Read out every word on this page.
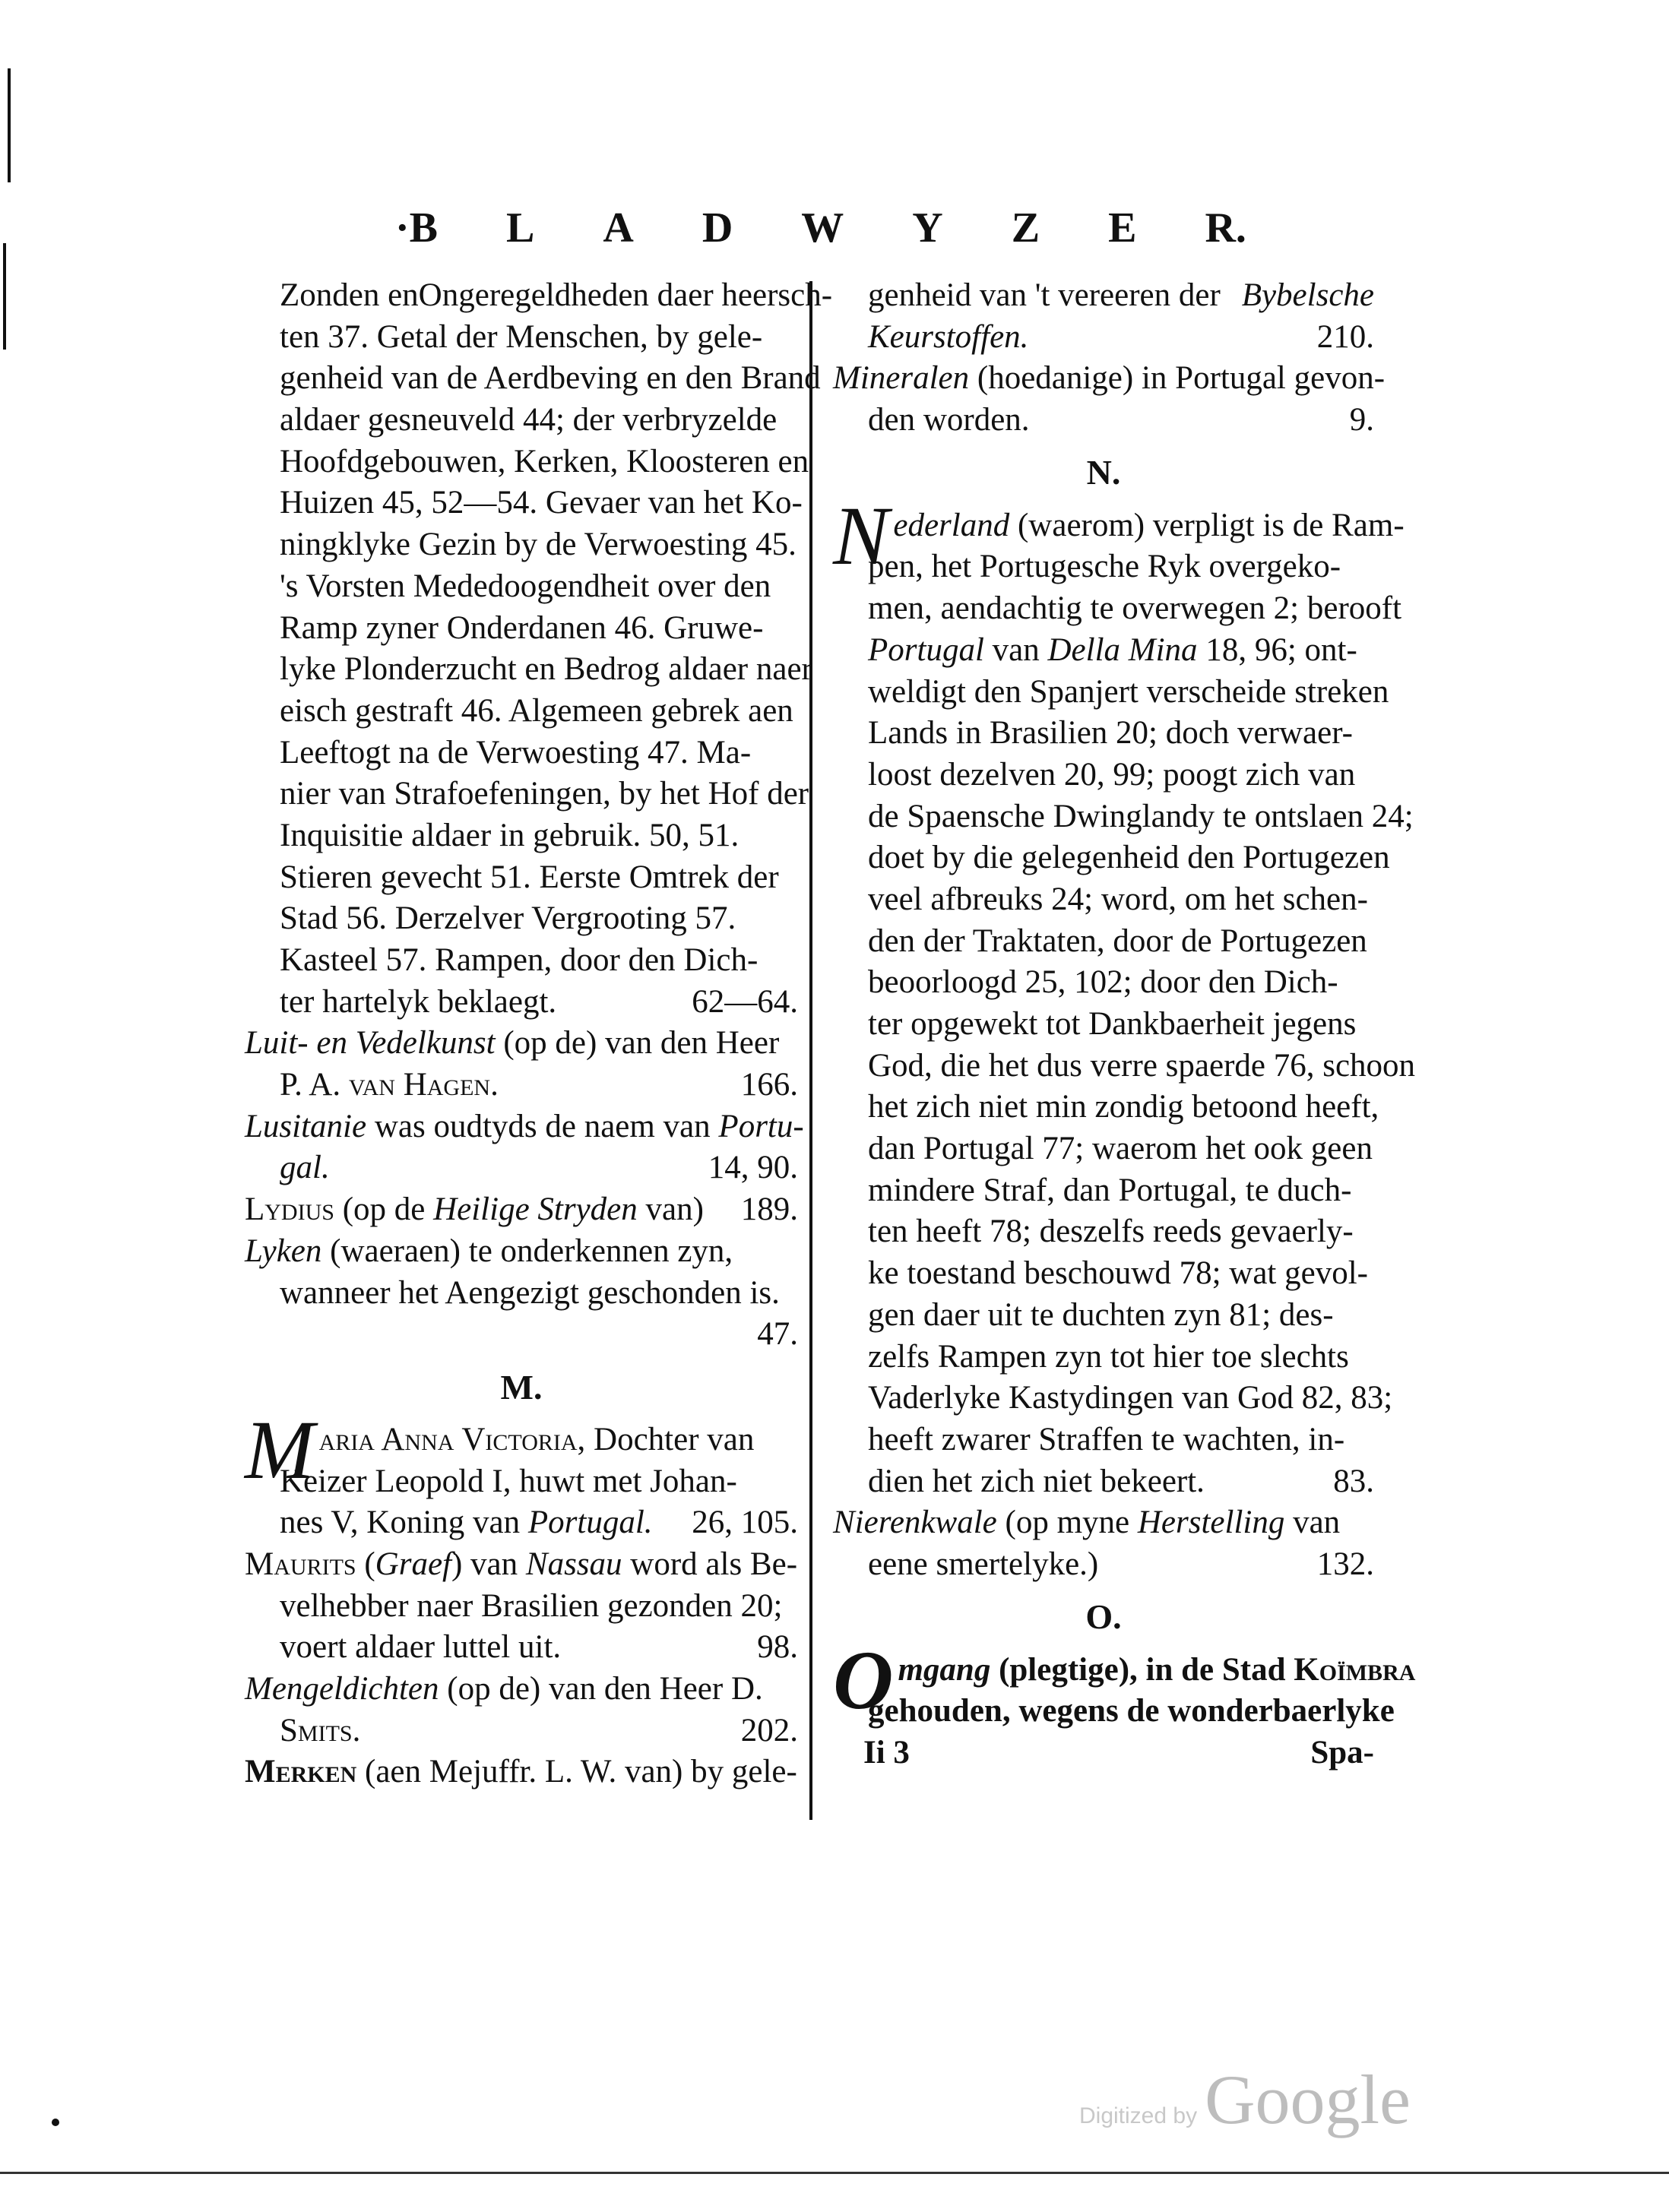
·B L A D W Y Z E R.
Zonden enOngeregeldheden daer heersch-
ten 37. Getal der Menschen, by gele-
genheid van de Aerdbeving en den Brand
aldaer gesneuveld 44; der verbryzelde
Hoofdgebouwen, Kerken, Kloosteren en
Huizen 45, 52—54. Gevaer van het Ko-
ningklyke Gezin by de Verwoesting 45.
's Vorsten Mededoogendheit over den
Ramp zyner Onderdanen 46. Gruwe-
lyke Plonderzucht en Bedrog aldaer naer
eisch gestraft 46. Algemeen gebrek aen
Leeftogt na de Verwoesting 47. Ma-
nier van Strafoefeningen, by het Hof der
Inquisitie aldaer in gebruik. 50, 51.
Stieren gevecht 51. Eerste Omtrek der
Stad 56. Derzelver Vergrooting 57.
Kasteel 57. Rampen, door den Dich-
ter hartelyk beklaegt.	62—64.
Luit- en Vedelkunst (op de) van den Heer
P. A. van Hagen.	166.
Lusitanie was oudtyds de naem van Portu-
gal.	14, 90.
Lydius (op de Heilige Stryden van) 189.
Lyken (waeraen) te onderkennen zyn,
wanneer het Aengezigt geschonden is.
47.
M.
M aria Anna Victoria, Dochter van
Keizer Leopold I, huwt met Johan-
nes V, Koning van Portugal. 26, 105.
Maurits (Graef) van Nassau word als Be-
velhebber naer Brasilien gezonden 20;
voert aldaer luttel uit.	98.
Mengeldichten (op de) van den Heer D.
Smits.	202.
Merken (aen Mejuffr. L. W. van) by gele-
genheid van 't vereeren der Bybelsche
Keurstoffen.	210.
Mineralen (hoedanige) in Portugal gevon-
den worden.	9.
N.
N ederland (waerom) verpligt is de Ram-
pen, het Portugesche Ryk overgeko-
men, aendachtig te overwegen 2; berooft
Portugal van Della Mina 18, 96; ont-
weldigt den Spanjert verscheide streken
Lands in Brasilien 20; doch verwaer-
loost dezelven 20, 99; poogt zich van
de Spaensche Dwinglandy te ontslaen 24;
doet by die gelegenheid den Portugezen
veel afbreuks 24; word, om het schen-
den der Traktaten, door de Portugezen
beoorloogd 25, 102; door den Dich-
ter opgewekt tot Dankbaerheit jegens
God, die het dus verre spaerde 76, schoon
het zich niet min zondig betoond heeft,
dan Portugal 77; waerom het ook geen
mindere Straf, dan Portugal, te duch-
ten heeft 78; deszelfs reeds gevaerly-
ke toestand beschouwd 78; wat gevol-
gen daer uit te duchten zyn 81; des-
zelfs Rampen zyn tot hier toe slechts
Vaderlyke Kastydingen van God 82, 83;
heeft zwarer Straffen te wachten, in-
dien het zich niet bekeert.	83.
Nierenkwale (op myne Herstelling van
eene smertelyke.)	132.
O.
O mgang (plegtige), in de Stad Koïmbra
gehouden, wegens de wonderbaerlyke
Ii 3	Spa-
Digitized by Google
